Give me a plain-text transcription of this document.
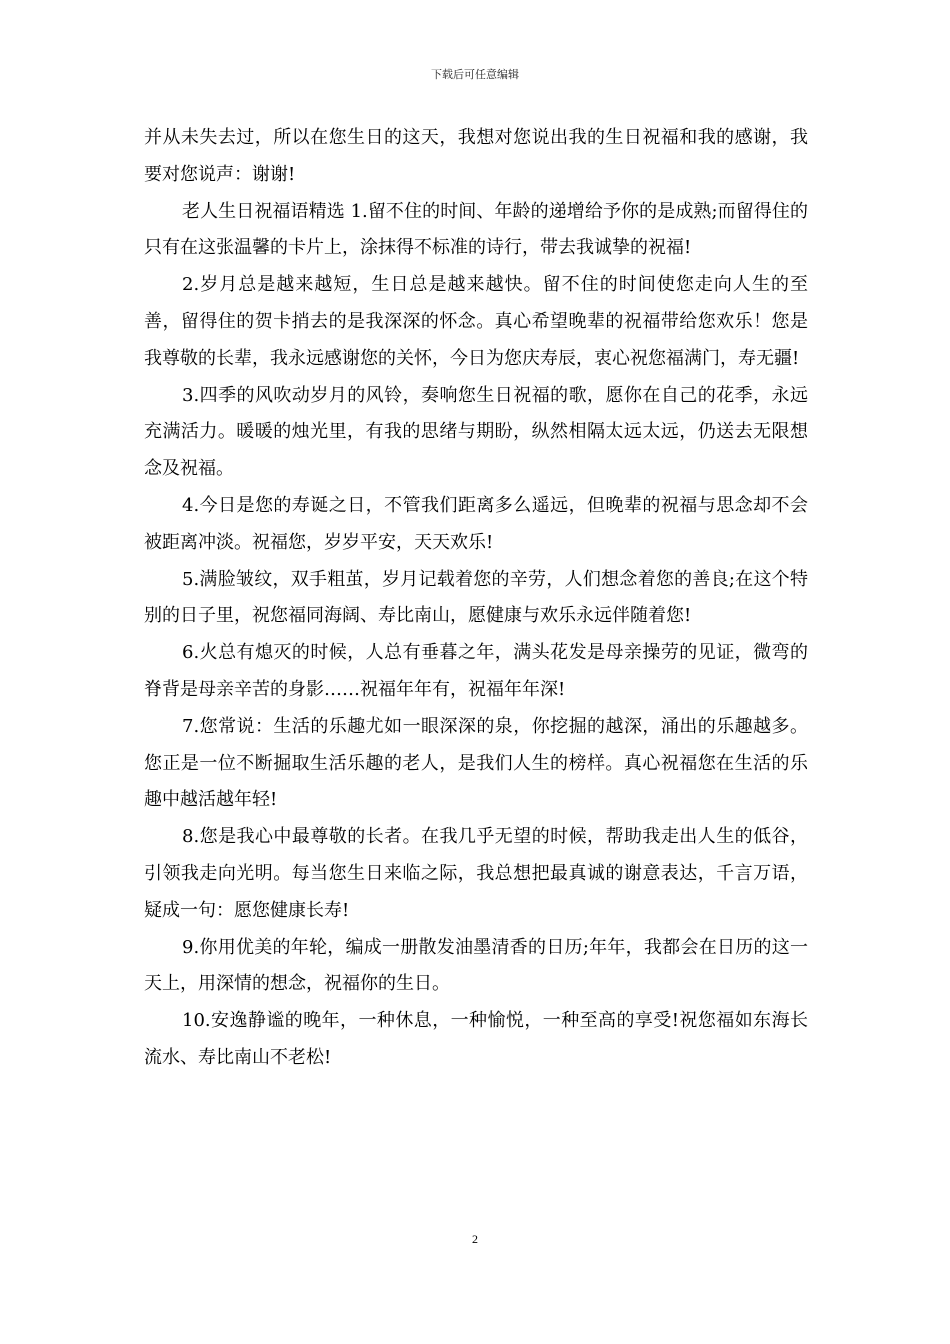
下载后可任意编辑

并从未失去过，所以在您生日的这天，我想对您说出我的生日祝福和我的感谢，我要对您说声：谢谢!

老人生日祝福语精选 1.留不住的时间、年龄的递增给予你的是成熟;而留得住的只有在这张温馨的卡片上，涂抹得不标准的诗行，带去我诚挚的祝福!

2.岁月总是越来越短，生日总是越来越快。留不住的时间使您走向人生的至善，留得住的贺卡捎去的是我深深的怀念。真心希望晚辈的祝福带给您欢乐！您是我尊敬的长辈，我永远感谢您的关怀，今日为您庆寿辰，衷心祝您福满门，寿无疆!

3.四季的风吹动岁月的风铃，奏响您生日祝福的歌，愿你在自己的花季，永远充满活力。暖暖的烛光里，有我的思绪与期盼，纵然相隔太远太远，仍送去无限想念及祝福。

4.今日是您的寿诞之日，不管我们距离多么遥远，但晚辈的祝福与思念却不会被距离冲淡。祝福您，岁岁平安，天天欢乐!

5.满脸皱纹，双手粗茧，岁月记载着您的辛劳，人们想念着您的善良;在这个特别的日子里，祝您福同海阔、寿比南山，愿健康与欢乐永远伴随着您!

6.火总有熄灭的时候，人总有垂暮之年，满头花发是母亲操劳的见证，微弯的脊背是母亲辛苦的身影……祝福年年有，祝福年年深!

7.您常说：生活的乐趣尤如一眼深深的泉，你挖掘的越深，涌出的乐趣越多。您正是一位不断掘取生活乐趣的老人，是我们人生的榜样。真心祝福您在生活的乐趣中越活越年轻!

8.您是我心中最尊敬的长者。在我几乎无望的时候，帮助我走出人生的低谷，引领我走向光明。每当您生日来临之际，我总想把最真诚的谢意表达，千言万语，疑成一句：愿您健康长寿!

9.你用优美的年轮，编成一册散发油墨清香的日历;年年，我都会在日历的这一天上，用深情的想念，祝福你的生日。

10.安逸静谧的晚年，一种休息，一种愉悦，一种至高的享受!祝您福如东海长流水、寿比南山不老松!

2
